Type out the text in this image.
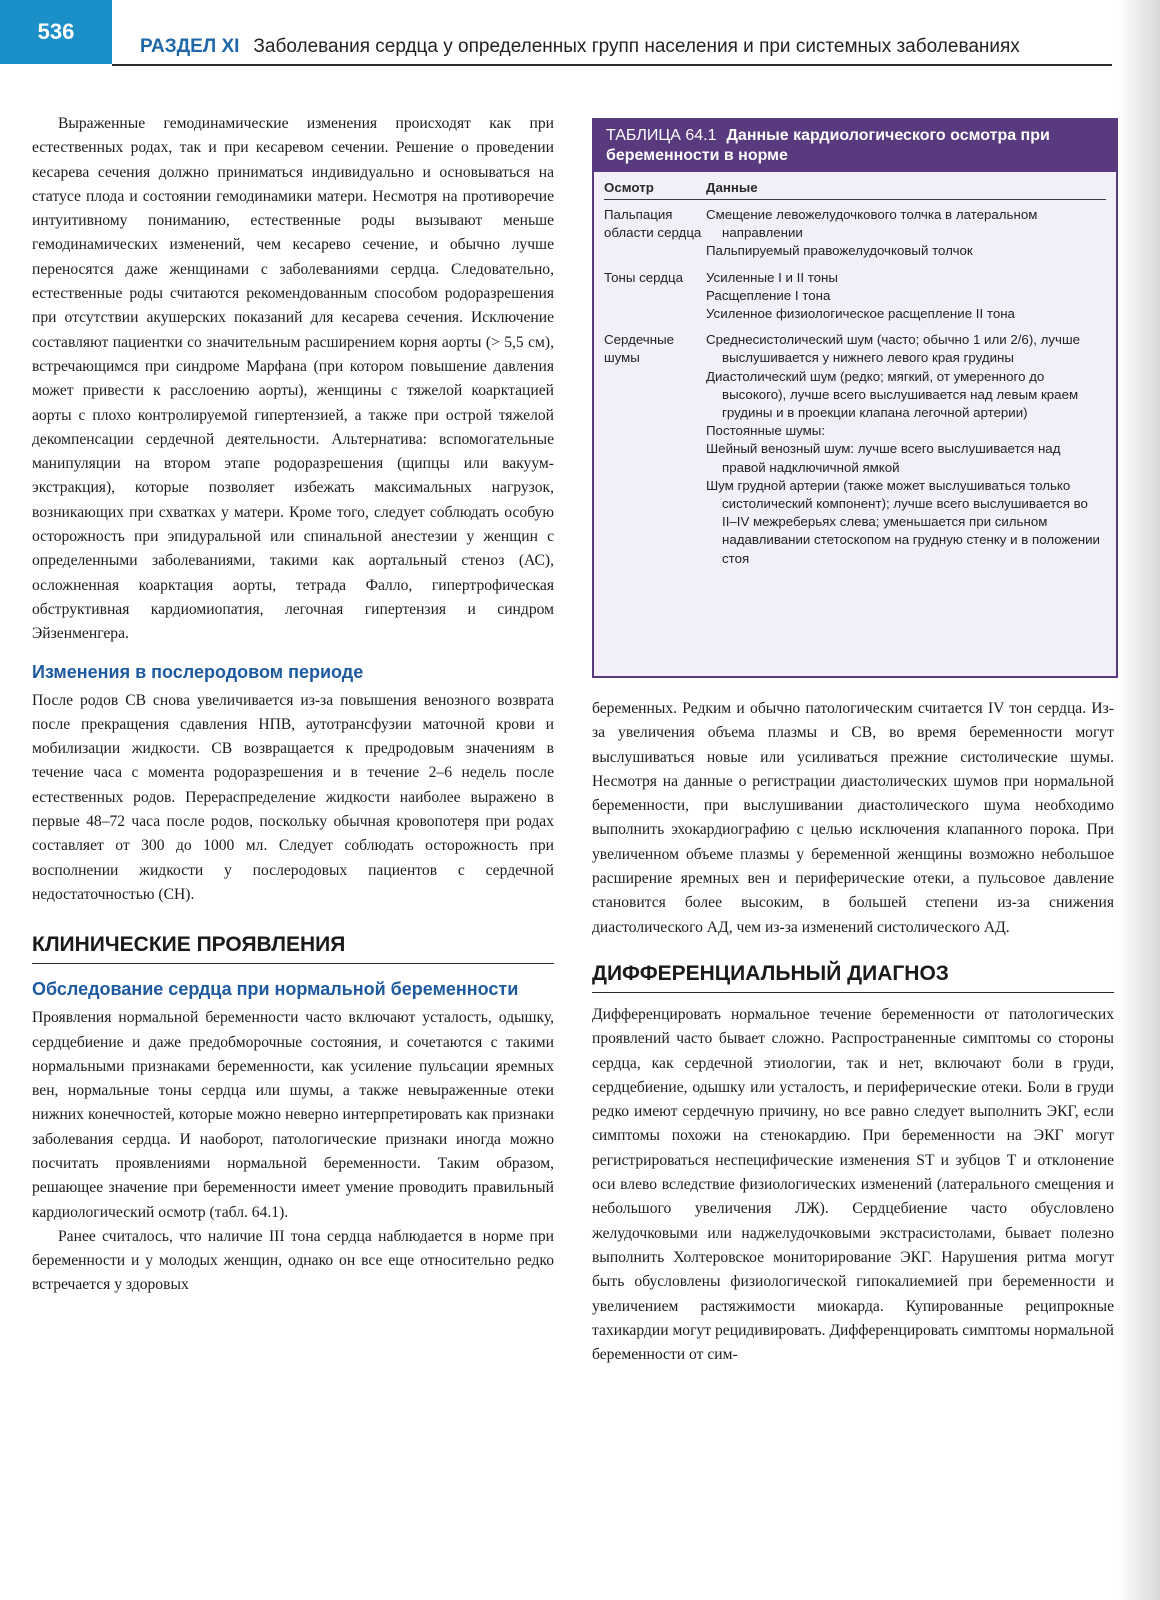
536
РАЗДЕЛ XI Заболевания сердца у определенных групп населения и при системных заболеваниях

Выраженные гемодинамические изменения происходят как при естественных родах, так и при кесаревом сечении. Решение о проведении кесарева сечения должно приниматься индивидуально и основываться на статусе плода и состоянии гемодинамики матери. Несмотря на противоречие интуитивному пониманию, естественные роды вызывают меньше гемодинамических изменений, чем кесарево сечение, и обычно лучше переносятся даже женщинами с заболеваниями сердца. Следовательно, естественные роды считаются рекомендованным способом родоразрешения при отсутствии акушерских показаний для кесарева сечения. Исключение составляют пациентки со значительным расширением корня аорты (> 5,5 см), встречающимся при синдроме Марфана (при котором повышение давления может привести к расслоению аорты), женщины с тяжелой коарктацией аорты с плохо контролируемой гипертензией, а также при острой тяжелой декомпенсации сердечной деятельности. Альтернатива: вспомогательные манипуляции на втором этапе родоразрешения (щипцы или вакуум-экстракция), которые позволяет избежать максимальных нагрузок, возникающих при схватках у матери. Кроме того, следует соблюдать особую осторожность при эпидуральной или спинальной анестезии у женщин с определенными заболеваниями, такими как аортальный стеноз (АС), осложненная коарктация аорты, тетрада Фалло, гипертрофическая обструктивная кардиомиопатия, легочная гипертензия и синдром Эйзенменгера.

Изменения в послеродовом периоде

После родов СВ снова увеличивается из-за повышения венозного возврата после прекращения сдавления НПВ, аутотрансфузии маточной крови и мобилизации жидкости. СВ возвращается к предродовым значениям в течение часа с момента родоразрешения и в течение 2–6 недель после естественных родов. Перераспределение жидкости наиболее выражено в первые 48–72 часа после родов, поскольку обычная кровопотеря при родах составляет от 300 до 1000 мл. Следует соблюдать осторожность при восполнении жидкости у послеродовых пациентов с сердечной недостаточностью (СН).

КЛИНИЧЕСКИЕ ПРОЯВЛЕНИЯ
Обследование сердца при нормальной беременности

Проявления нормальной беременности часто включают усталость, одышку, сердцебиение и даже предобморочные состояния, и сочетаются с такими нормальными признаками беременности, как усиление пульсации яремных вен, нормальные тоны сердца или шумы, а также невыраженные отеки нижних конечностей, которые можно неверно интерпретировать как признаки заболевания сердца. И наоборот, патологические признаки иногда можно посчитать проявлениями нормальной беременности. Таким образом, решающее значение при беременности имеет умение проводить правильный кардиологический осмотр (табл. 64.1).

Ранее считалось, что наличие III тона сердца наблюдается в норме при беременности и у молодых женщин, однако он все еще относительно редко встречается у здоровых

ТАБЛИЦА 64.1 Данные кардиологического осмотра при беременности в норме
Осмотр	Данные
Пальпация области сердца
Смещение левожелудочкового толчка в латеральном направлении
Пальпируемый правожелудочковый толчок
Тоны сердца	Усиленные I и II тоны
Расщепление I тона
Усиленное физиологическое расщепление II тона
Сердечные шумы
Среднесистолический шум (часто; обычно 1 или 2/6), лучше выслушивается у нижнего левого края грудины
Диастолический шум (редко; мягкий, от умеренного до высокого), лучше всего выслушивается над левым краем грудины и в проекции клапана легочной артерии)
Постоянные шумы:
Шейный венозный шум: лучше всего выслушивается над правой надключичной ямкой
Шум грудной артерии (также может выслушиваться только систолический компонент); лучше всего выслушивается во II–IV межреберьях слева; уменьшается при сильном надавливании стетоскопом на грудную стенку и в положении стоя

беременных. Редким и обычно патологическим считается IV тон сердца. Из-за увеличения объема плазмы и СВ, во время беременности могут выслушиваться новые или усиливаться прежние систолические шумы. Несмотря на данные о регистрации диастолических шумов при нормальной беременности, при выслушивании диастолического шума необходимо выполнить эхокардиографию с целью исключения клапанного порока. При увеличенном объеме плазмы у беременной женщины возможно небольшое расширение яремных вен и периферические отеки, а пульсовое давление становится более высоким, в большей степени из-за снижения диастолического АД, чем из-за изменений систолического АД.

ДИФФЕРЕНЦИАЛЬНЫЙ ДИАГНОЗ

Дифференцировать нормальное течение беременности от патологических проявлений часто бывает сложно. Распространенные симптомы со стороны сердца, как сердечной этиологии, так и нет, включают боли в груди, сердцебиение, одышку или усталость, и периферические отеки. Боли в груди редко имеют сердечную причину, но все равно следует выполнить ЭКГ, если симптомы похожи на стенокардию. При беременности на ЭКГ могут регистрироваться неспецифические изменения ST и зубцов Т и отклонение оси влево вследствие физиологических изменений (латерального смещения и небольшого увеличения ЛЖ). Сердцебиение часто обусловлено желудочковыми или наджелудочковыми экстрасистолами, бывает полезно выполнить Холтеровское мониторирование ЭКГ. Нарушения ритма могут быть обусловлены физиологической гипокалиемией при беременности и увеличением растяжимости миокарда. Купированные реципрокные тахикардии могут рецидивировать. Дифференцировать симптомы нормальной беременности от сим-
